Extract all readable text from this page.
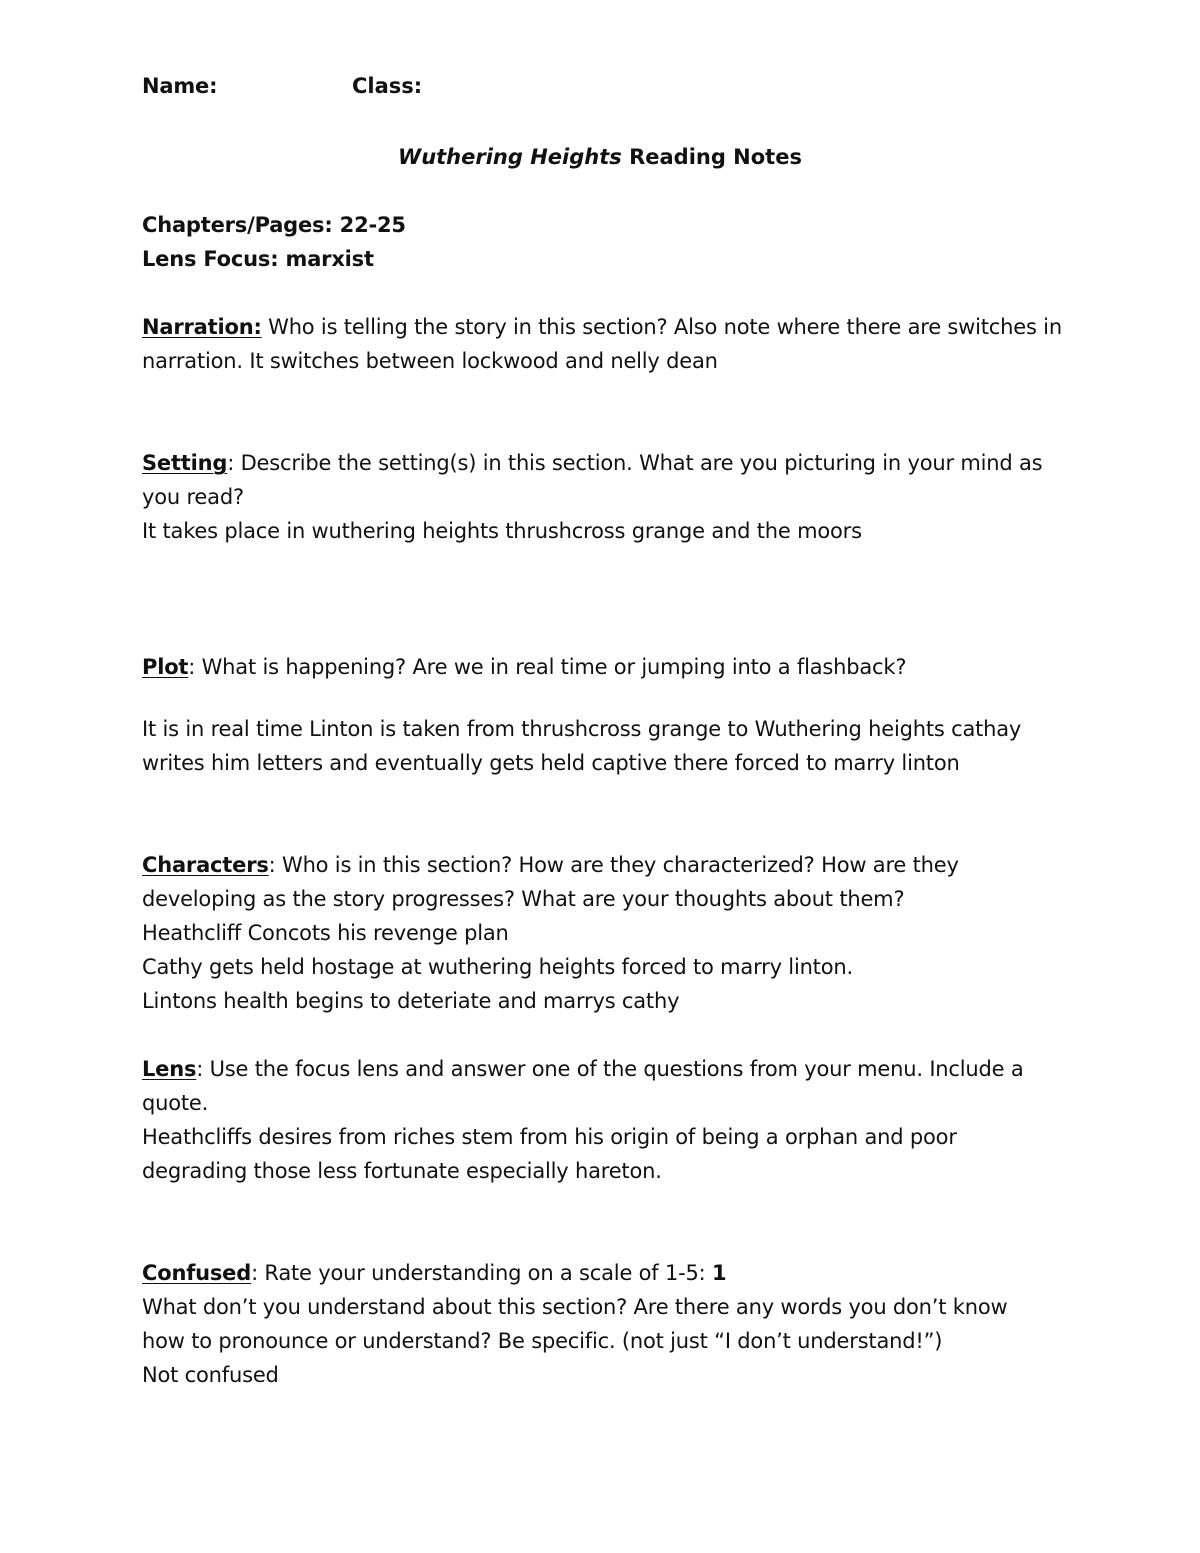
Name:	Class:
Wuthering Heights Reading Notes
Chapters/Pages: 22-25
Lens Focus: marxist
Narration: Who is telling the story in this section? Also note where there are switches in
narration. It switches between lockwood and nelly dean
Setting: Describe the setting(s) in this section. What are you picturing in your mind as
you read?
It takes place in wuthering heights thrushcross grange and the moors
Plot: What is happening? Are we in real time or jumping into a flashback?
It is in real time Linton is taken from thrushcross grange to Wuthering heights cathay
writes him letters and eventually gets held captive there forced to marry linton
Characters: Who is in this section? How are they characterized? How are they
developing as the story progresses? What are your thoughts about them?
Heathcliff Concots his revenge plan
Cathy gets held hostage at wuthering heights forced to marry linton.
Lintons health begins to deteriate and marrys cathy
Lens: Use the focus lens and answer one of the questions from your menu. Include a
quote.
Heathcliffs desires from riches stem from his origin of being a orphan and poor
degrading those less fortunate especially hareton.
Confused: Rate your understanding on a scale of 1-5: 1
What don’t you understand about this section? Are there any words you don’t know
how to pronounce or understand? Be specific. (not just “I don’t understand!”)
Not confused
